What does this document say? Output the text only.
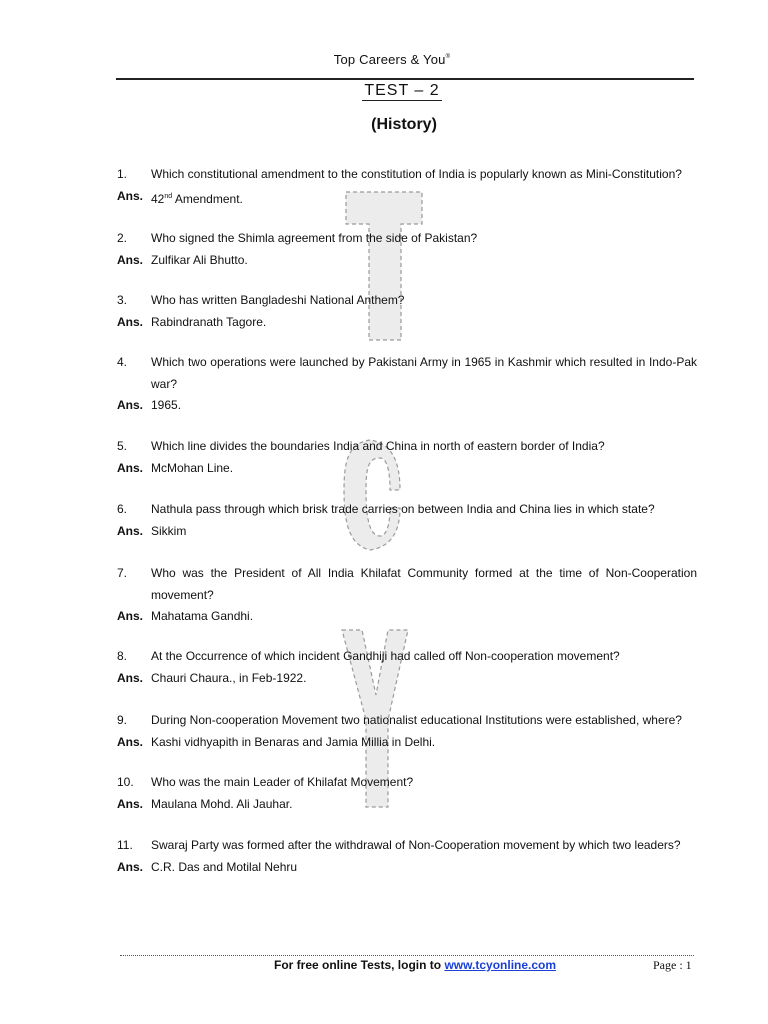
Top Careers & You®
TEST – 2
(History)
1.	Which constitutional amendment to the constitution of India is popularly known as Mini-Constitution?
Ans. 42nd Amendment.
2.	Who signed the Shimla agreement from the side of Pakistan?
Ans. Zulfikar Ali Bhutto.
3.	Who has written Bangladeshi National Anthem?
Ans. Rabindranath Tagore.
4.	Which two operations were launched by Pakistani Army in 1965 in Kashmir which resulted in Indo-Pak war?
Ans. 1965.
5.	Which line divides the boundaries India and China in north of eastern border of India?
Ans. McMohan Line.
6.	Nathula pass through which brisk trade carries on between India and China lies in which state?
Ans. Sikkim
7.	Who was the President of All India Khilafat Community formed at the time of Non-Cooperation movement?
Ans. Mahatama Gandhi.
8.	At the Occurrence of which incident Gandhiji had called off Non-cooperation movement?
Ans. Chauri Chaura., in Feb-1922.
9.	During Non-cooperation Movement two nationalist educational Institutions were established, where?
Ans. Kashi vidhyapith in Benaras and Jamia Millia in Delhi.
10.	Who was the main Leader of Khilafat Movement?
Ans. Maulana Mohd. Ali Jauhar.
11.	Swaraj Party was formed after the withdrawal of Non-Cooperation movement by which two leaders?
Ans. C.R. Das and Motilal Nehru
For free online Tests, login to www.tcyonline.com	Page : 1
